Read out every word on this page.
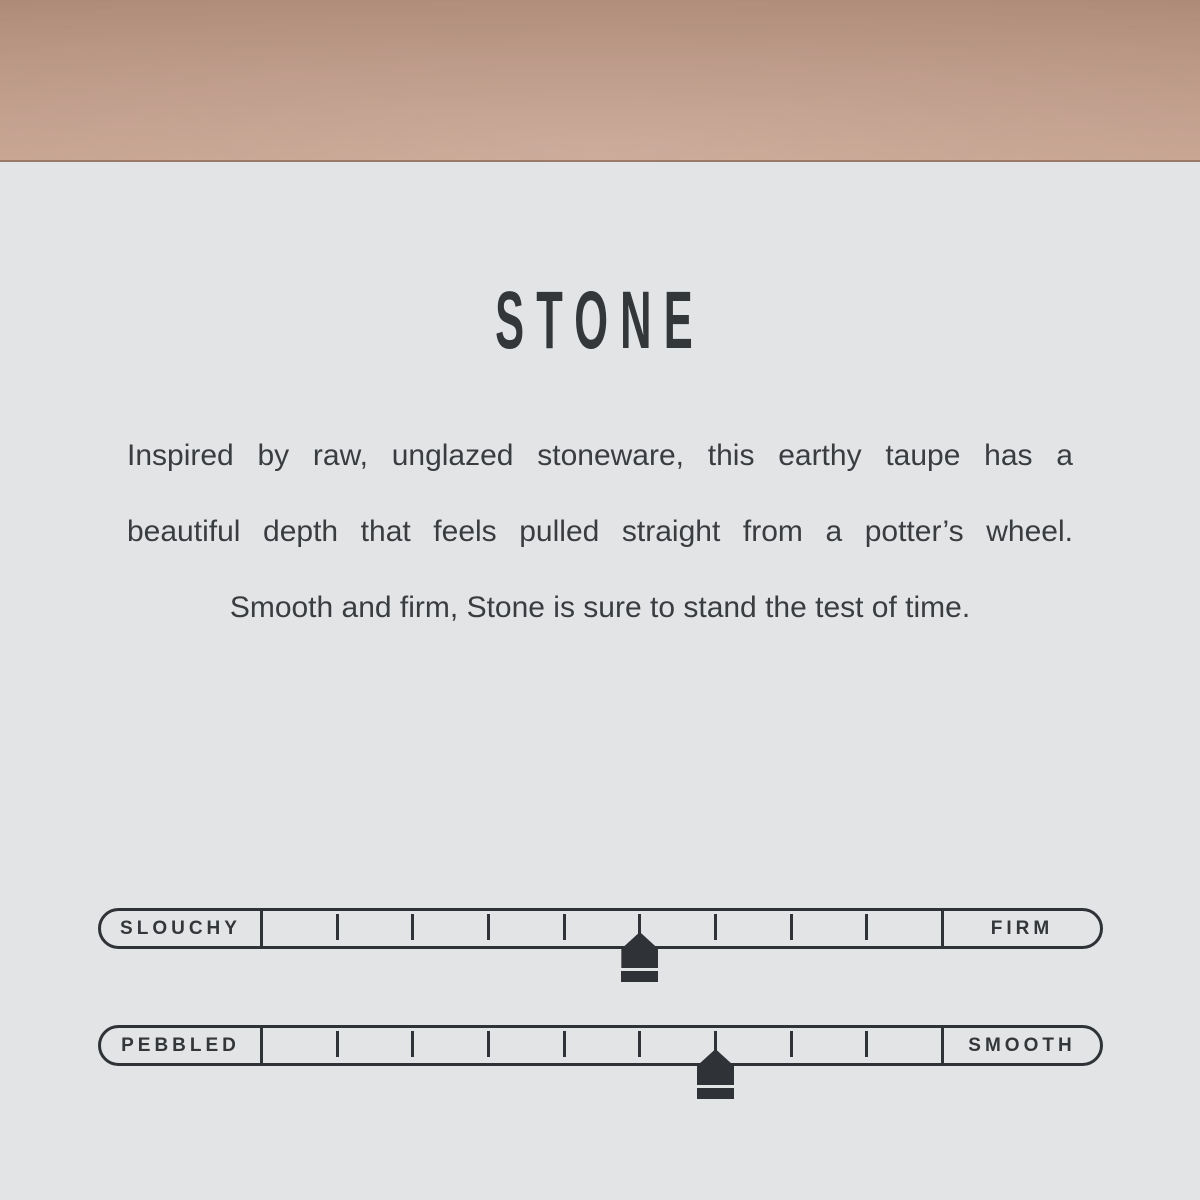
STONE

Inspired by raw, unglazed stoneware, this earthy taupe has a

beautiful depth that feels pulled straight from a potter’s wheel.

Smooth and firm, Stone is sure to stand the test of time.

SLOUCHY	FIRM
PEBBLED	SMOOTH
